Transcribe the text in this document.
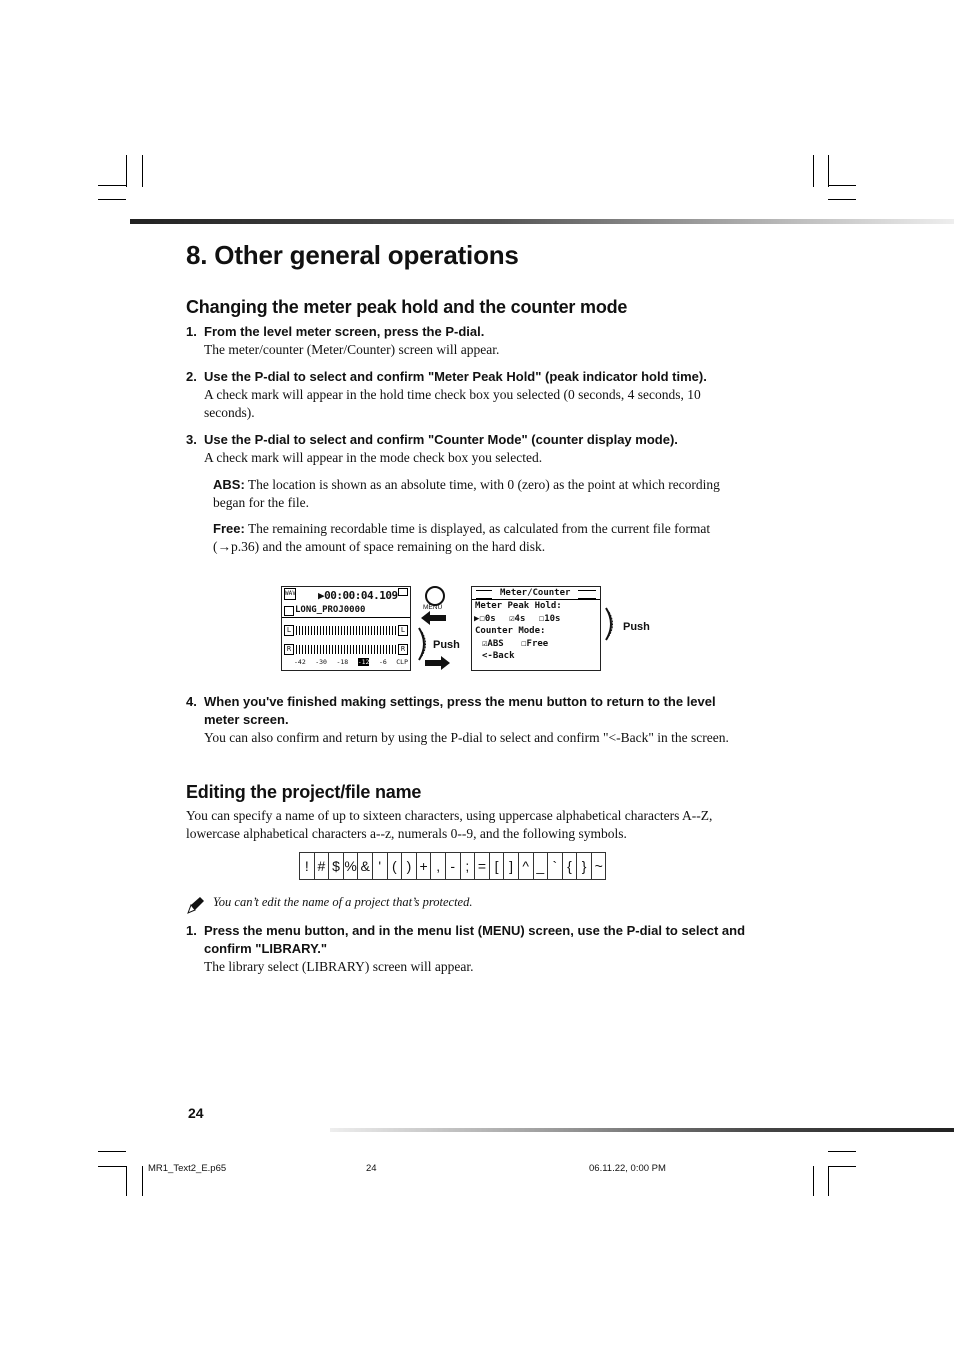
8. Other general operations
Changing the meter peak hold and the counter mode
1. From the level meter screen, press the P-dial.
The meter/counter (Meter/Counter) screen will appear.
2. Use the P-dial to select and confirm "Meter Peak Hold" (peak indicator hold time).
A check mark will appear in the hold time check box you selected (0 seconds, 4 seconds, 10 seconds).
3. Use the P-dial to select and confirm "Counter Mode" (counter display mode).
A check mark will appear in the mode check box you selected.
ABS: The location is shown as an absolute time, with 0 (zero) as the point at which recording began for the file.
Free: The remaining recordable time is displayed, as calculated from the current file format (→p.36) and the amount of space remaining on the hard disk.
WAV ▶00:00:04.109
LONG_PROJ0000
L	L
R	R
-42 -30 -18 -12 -6 CLP
MENU
Push
Meter/Counter
Meter Peak Hold:
▶☐0s ☑4s ☐10s
Counter Mode:
☑ABS ☐Free
<-Back
Push
4. When you've finished making settings, press the menu button to return to the level meter screen.
You can also confirm and return by using the P-dial to select and confirm "<-Back" in the screen.
Editing the project/file name
You can specify a name of up to sixteen characters, using uppercase alphabetical characters A--Z, lowercase alphabetical characters a--z, numerals 0--9, and the following symbols.
!	#	$	%	&	'	(	)	+	,	-	;	=	[	]	^	_	`	{	}	~
You can’t edit the name of a project that’s protected.
1. Press the menu button, and in the menu list (MENU) screen, use the P-dial to select and confirm "LIBRARY."
The library select (LIBRARY) screen will appear.
24
MR1_Text2_E.p65	24	06.11.22, 0:00 PM
